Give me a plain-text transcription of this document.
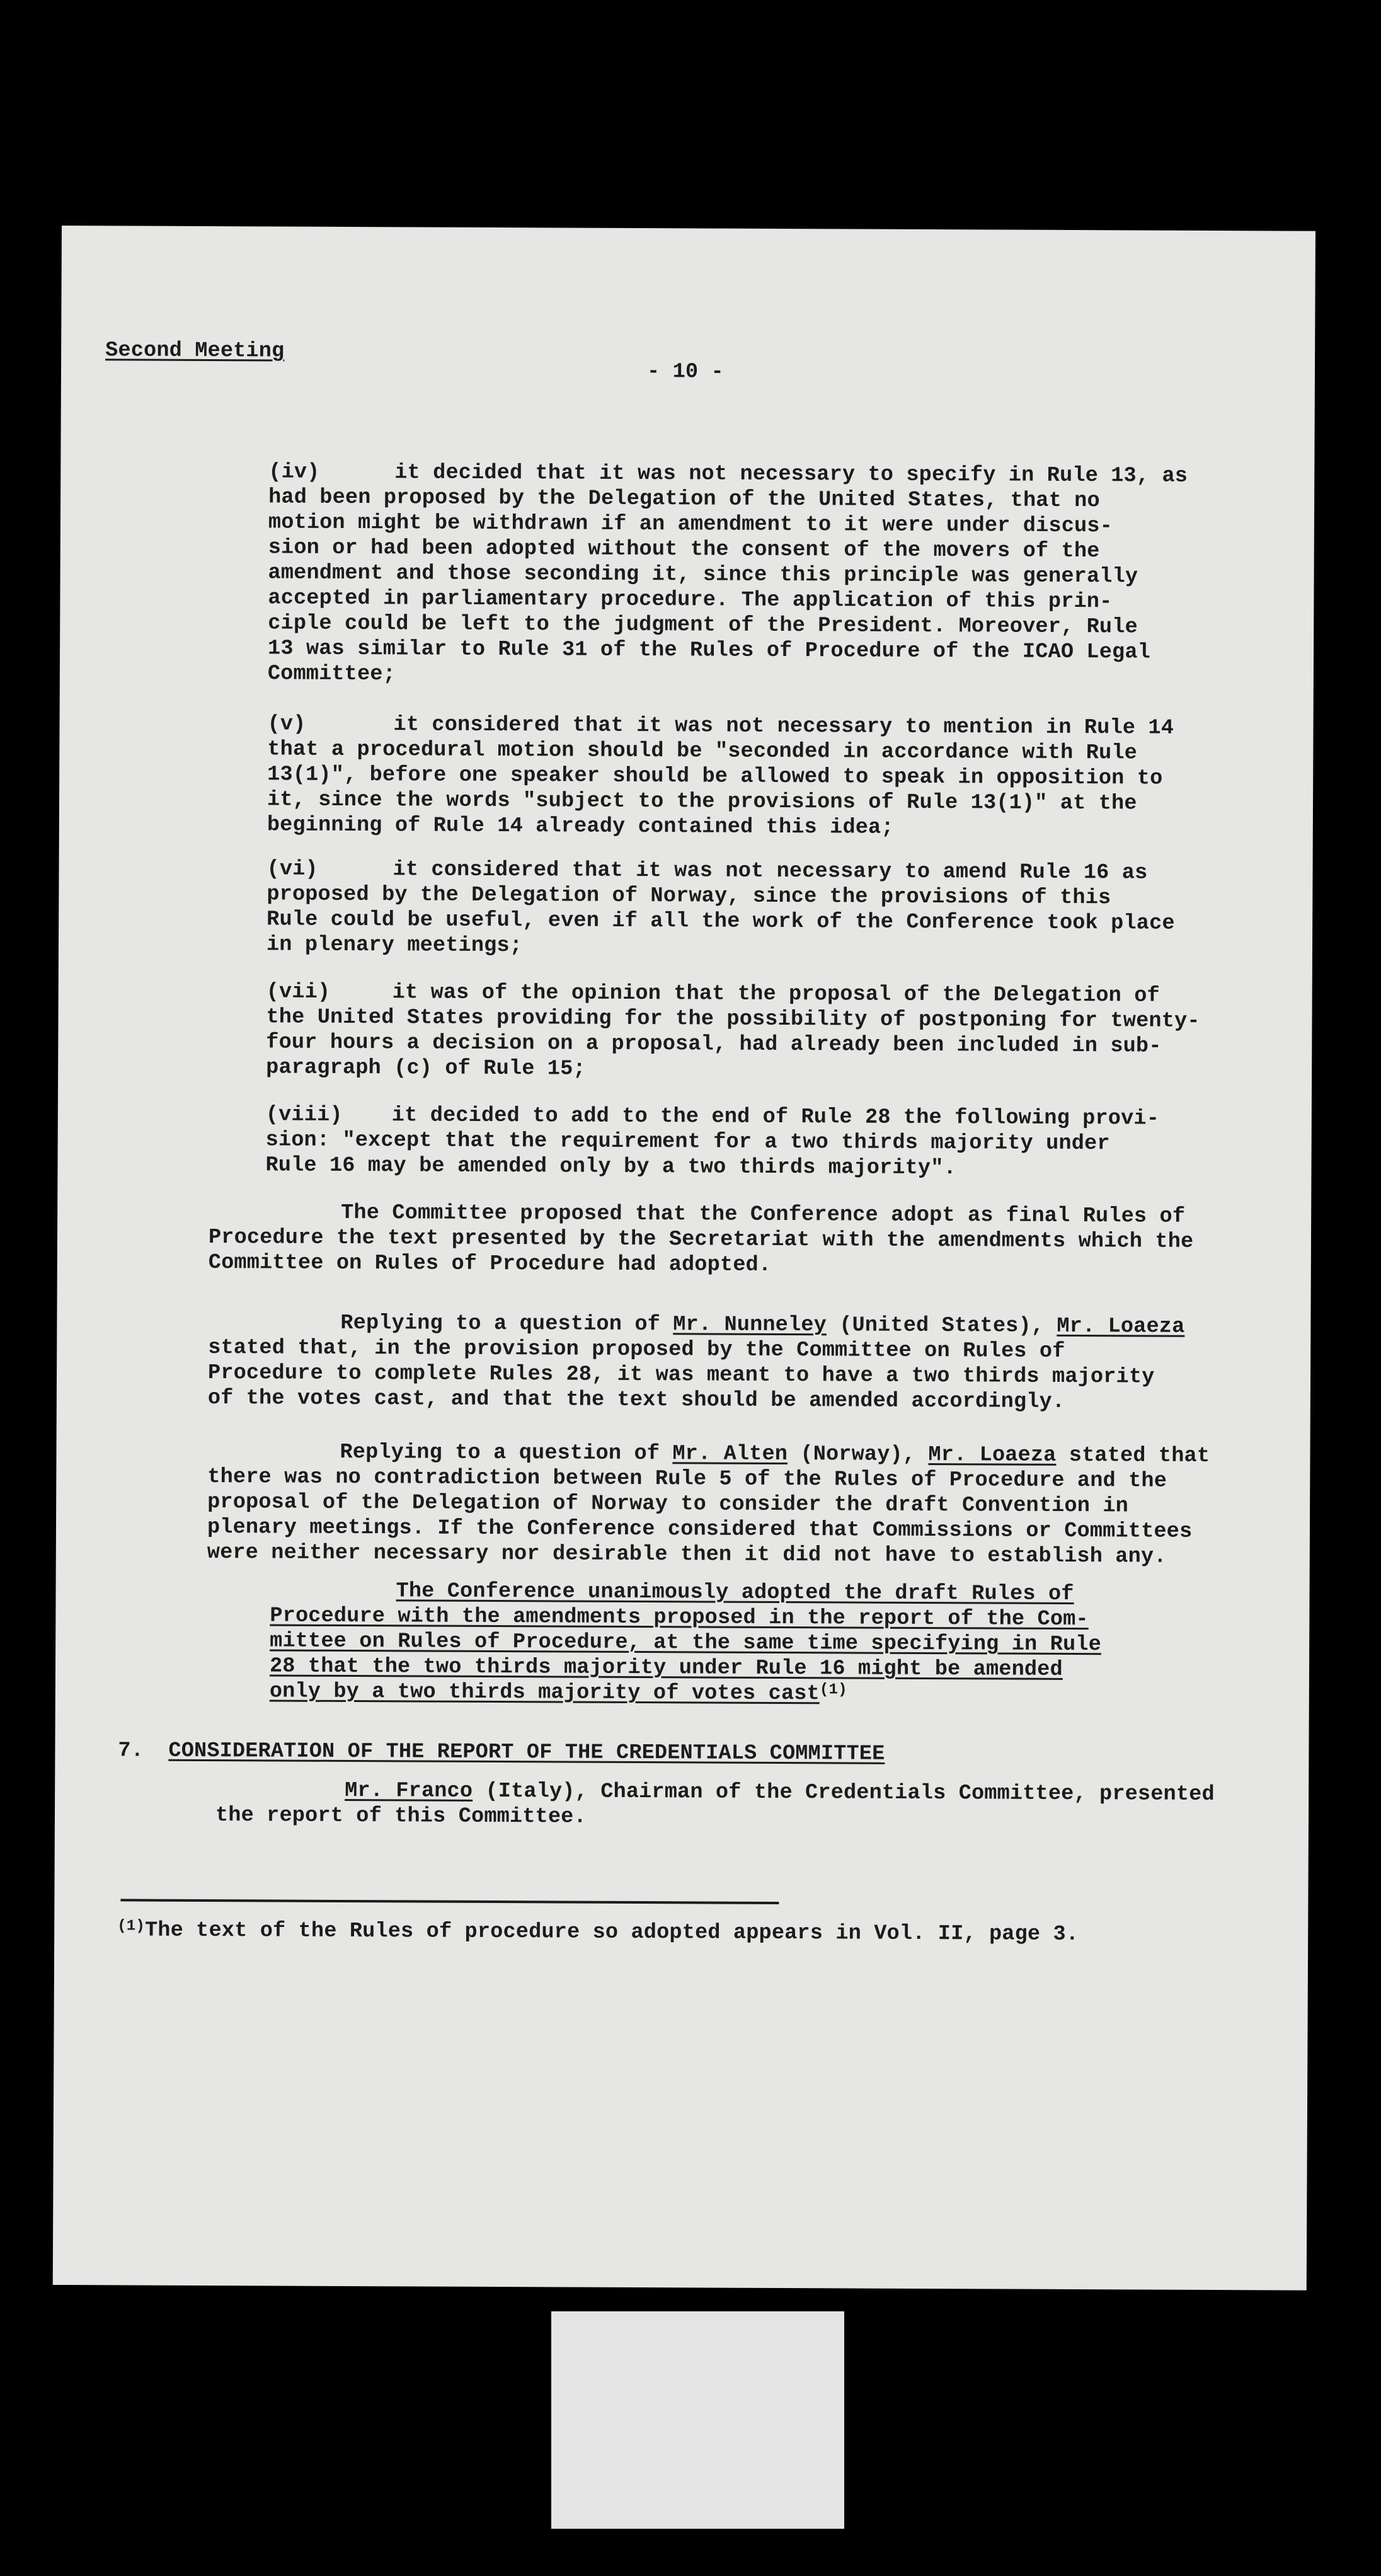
Second Meeting
- 10 -
(iv)	it decided that it was not necessary to specify in Rule 13, as
had been proposed by the Delegation of the United States, that no
motion might be withdrawn if an amendment to it were under discus-
sion or had been adopted without the consent of the movers of the
amendment and those seconding it, since this principle was generally
accepted in parliamentary procedure. The application of this prin-
ciple could be left to the judgment of the President. Moreover, Rule
13 was similar to Rule 31 of the Rules of Procedure of the ICAO Legal
Committee;
(v)	it considered that it was not necessary to mention in Rule 14
that a procedural motion should be "seconded in accordance with Rule
13(1)", before one speaker should be allowed to speak in opposition to
it, since the words "subject to the provisions of Rule 13(1)" at the
beginning of Rule 14 already contained this idea;
(vi)	it considered that it was not necessary to amend Rule 16 as
proposed by the Delegation of Norway, since the provisions of this
Rule could be useful, even if all the work of the Conference took place
in plenary meetings;
(vii)	it was of the opinion that the proposal of the Delegation of
the United States providing for the possibility of postponing for twenty-
four hours a decision on a proposal, had already been included in sub-
paragraph (c) of Rule 15;
(viii) it decided to add to the end of Rule 28 the following provi-
sion: "except that the requirement for a two thirds majority under
Rule 16 may be amended only by a two thirds majority".
The Committee proposed that the Conference adopt as final Rules of
Procedure the text presented by the Secretariat with the amendments which the
Committee on Rules of Procedure had adopted.
Replying to a question of Mr. Nunneley (United States), Mr. Loaeza
stated that, in the provision proposed by the Committee on Rules of
Procedure to complete Rules 28, it was meant to have a two thirds majority
of the votes cast, and that the text should be amended accordingly.
Replying to a question of Mr. Alten (Norway), Mr. Loaeza stated that
there was no contradiction between Rule 5 of the Rules of Procedure and the
proposal of the Delegation of Norway to consider the draft Convention in
plenary meetings. If the Conference considered that Commissions or Committees
were neither necessary nor desirable then it did not have to establish any.
The Conference unanimously adopted the draft Rules of
Procedure with the amendments proposed in the report of the Com-
mittee on Rules of Procedure, at the same time specifying in Rule
28 that the two thirds majority under Rule 16 might be amended
only by a two thirds majority of votes cast$^{(1)}$
7. CONSIDERATION OF THE REPORT OF THE CREDENTIALS COMMITTEE
Mr. Franco (Italy), Chairman of the Credentials Committee, presented
the report of this Committee.
$^{(1)}$The text of the Rules of procedure so adopted appears in Vol. II, page 3.
